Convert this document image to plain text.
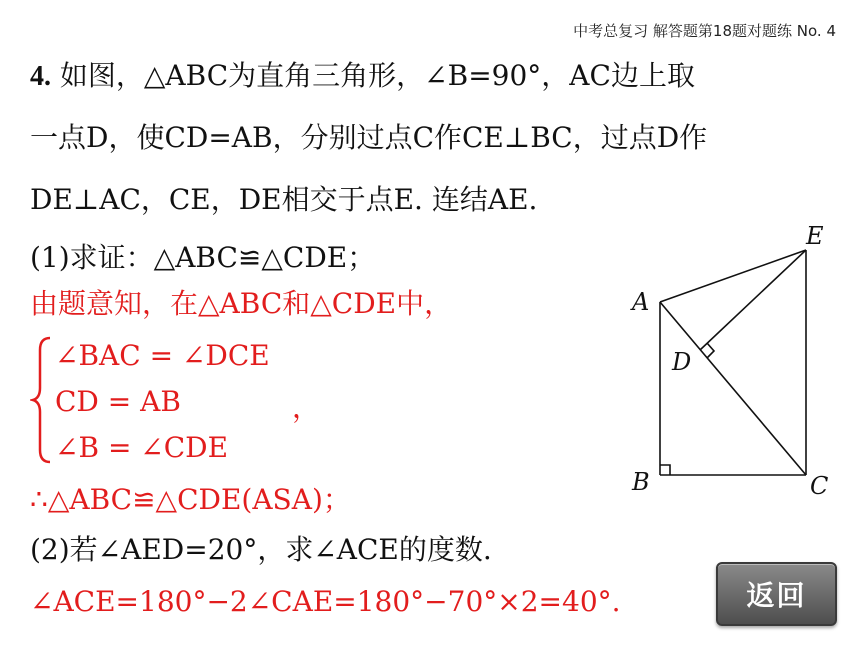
中考总复习 解答题第18题对题练 No. 4
4. 如图，△ABC为直角三角形，∠B=90°，AC边上取
一点D，使CD=AB，分别过点C作CE⊥BC，过点D作
DE⊥AC，CE，DE相交于点E. 连结AE.
(1)求证：△ABC≌△CDE；
由题意知，在△ABC和△CDE中，
∠BAC = ∠DCE
CD = AB
∠B = ∠CDE
，
∴△ABC≌△CDE(ASA)；
(2)若∠AED=20°，求∠ACE的度数.
∠ACE=180°−2∠CAE=180°−70°×2=40°.
A
B	C
D
E
返回
